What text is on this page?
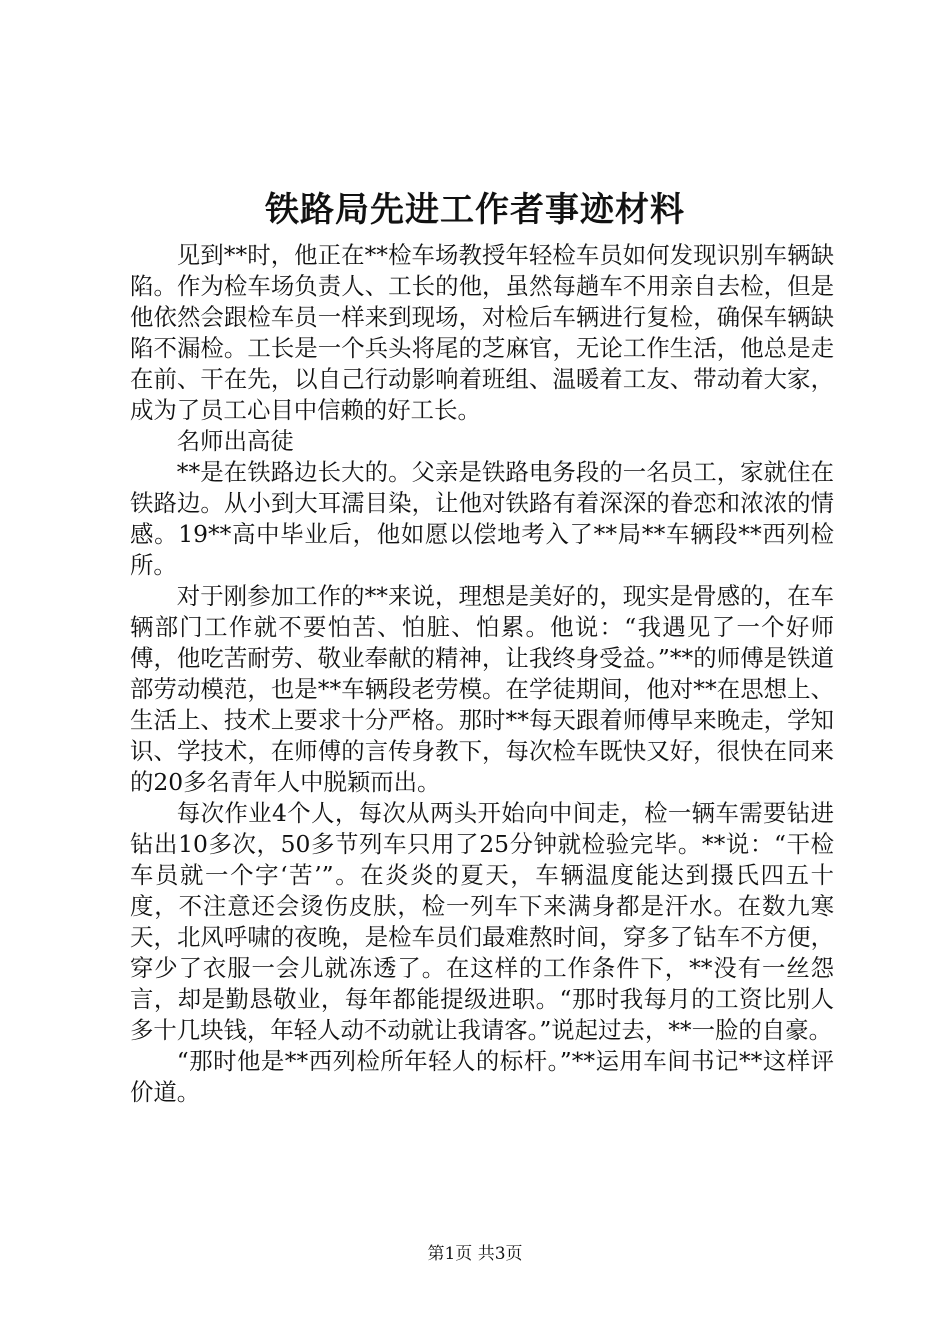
铁路局先进工作者事迹材料

见到**时，他正在**检车场教授年轻检车员如何发现识别车辆缺陷。作为检车场负责人、工长的他，虽然每趟车不用亲自去检，但是他依然会跟检车员一样来到现场，对检后车辆进行复检，确保车辆缺陷不漏检。工长是一个兵头将尾的芝麻官，无论工作生活，他总是走在前、干在先，以自己行动影响着班组、温暖着工友、带动着大家，成为了员工心目中信赖的好工长。

名师出高徒

**是在铁路边长大的。父亲是铁路电务段的一名员工，家就住在铁路边。从小到大耳濡目染，让他对铁路有着深深的眷恋和浓浓的情感。19**高中毕业后，他如愿以偿地考入了**局**车辆段**西列检所。

对于刚参加工作的**来说，理想是美好的，现实是骨感的，在车辆部门工作就不要怕苦、怕脏、怕累。他说：“我遇见了一个好师傅，他吃苦耐劳、敬业奉献的精神，让我终身受益。”**的师傅是铁道部劳动模范，也是**车辆段老劳模。在学徒期间，他对**在思想上、生活上、技术上要求十分严格。那时**每天跟着师傅早来晚走，学知识、学技术，在师傅的言传身教下，每次检车既快又好，很快在同来的20多名青年人中脱颖而出。

每次作业4个人，每次从两头开始向中间走，检一辆车需要钻进钻出10多次，50多节列车只用了25分钟就检验完毕。**说：“干检车员就一个字‘苦’”。在炎炎的夏天，车辆温度能达到摄氏四五十度，不注意还会烫伤皮肤，检一列车下来满身都是汗水。在数九寒天，北风呼啸的夜晚，是检车员们最难熬时间，穿多了钻车不方便，穿少了衣服一会儿就冻透了。在这样的工作条件下，**没有一丝怨言，却是勤恳敬业，每年都能提级进职。“那时我每月的工资比别人多十几块钱，年轻人动不动就让我请客。”说起过去，**一脸的自豪。

“那时他是**西列检所年轻人的标杆。”**运用车间书记**这样评价道。

第1页 共3页
